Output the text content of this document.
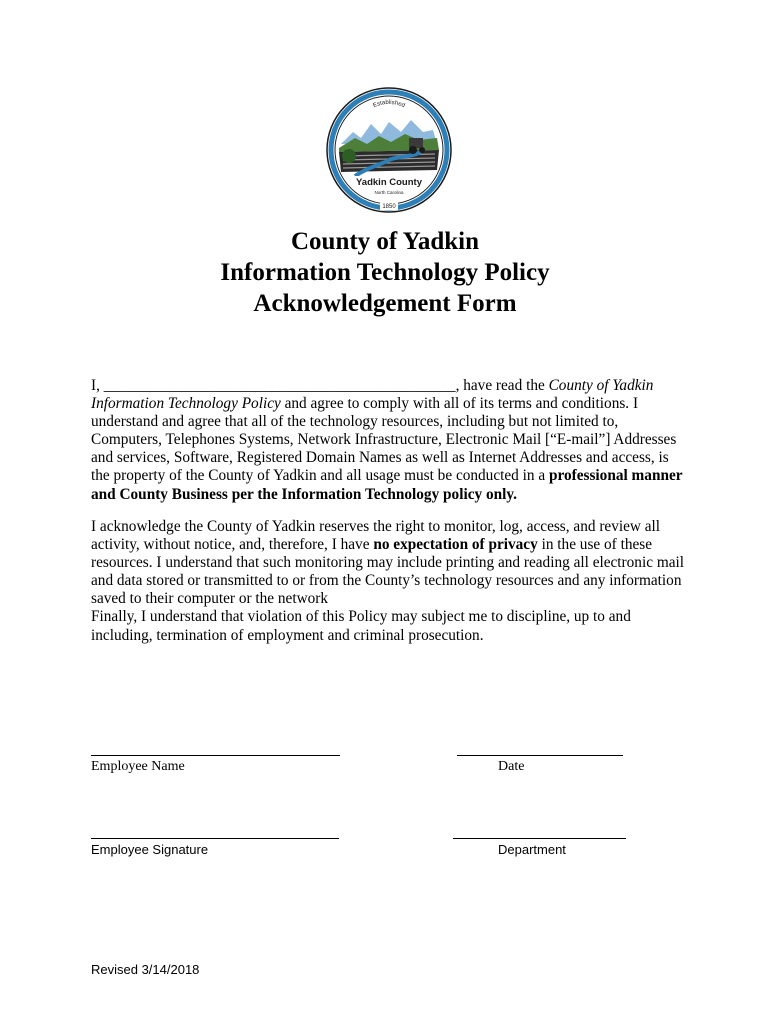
Yadkin County
North Carolina
Established
1850
County of Yadkin
Information Technology Policy
Acknowledgement Form
I, ______________________________________________, have read the County of Yadkin Information Technology Policy and agree to comply with all of its terms and conditions. I understand and agree that all of the technology resources, including but not limited to, Computers, Telephones Systems, Network Infrastructure, Electronic Mail [“E-mail”] Addresses and services, Software, Registered Domain Names as well as Internet Addresses and access, is the property of the County of Yadkin and all usage must be conducted in a professional manner and County Business per the Information Technology policy only.
I acknowledge the County of Yadkin reserves the right to monitor, log, access, and review all activity, without notice, and, therefore, I have no expectation of privacy in the use of these resources. I understand that such monitoring may include printing and reading all electronic mail and data stored or transmitted to or from the County’s technology resources and any information saved to their computer or the network
Finally, I understand that violation of this Policy may subject me to discipline, up to and including, termination of employment and criminal prosecution.
Employee Name	Date
Employee Signature	Department
Revised 3/14/2018
